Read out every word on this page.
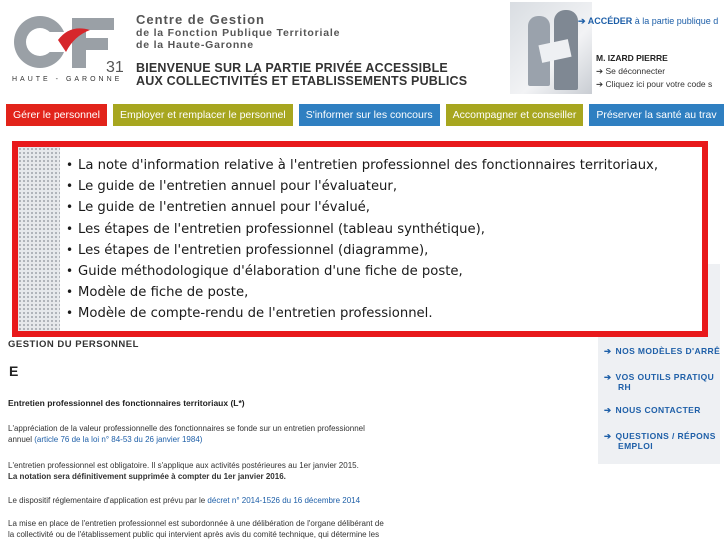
31
HAUTE - GARONNE
Centre de Gestion
de la Fonction Publique Territoriale
de la Haute-Garonne
BIENVENUE SUR LA PARTIE PRIVÉE ACCESSIBLE
AUX COLLECTIVITÉS ET ETABLISSEMENTS PUBLICS
➔ ACCÉDER à la partie publique d
M. IZARD PIERRE
➔ Se déconnecter
➔ Cliquez ici pour votre code s
Gérer le personnel	Employer et remplacer le personnel	S'informer sur les concours	Accompagner et conseiller	Préserver la santé au trav
GESTION DU PERSONNEL
E
Entretien professionnel des fonctionnaires territoriaux (L*)
L'appréciation de la valeur professionnelle des fonctionnaires se fonde sur un entretien professionnel
annuel (article 76 de la loi n° 84-53 du 26 janvier 1984)
L'entretien professionnel est obligatoire. Il s'applique aux activités postérieures au 1er janvier 2015.
La notation sera définitivement supprimée à compter du 1er janvier 2016.
Le dispositif réglementaire d'application est prévu par le décret n° 2014-1526 du 16 décembre 2014
La mise en place de l'entretien professionnel est subordonnée à une délibération de l'organe délibérant de
la collectivité ou de l'établissement public qui intervient après avis du comité technique, qui détermine les
➔ NOS MODÈLES D'ARRÊ
➔ VOS OUTILS PRATIQU
RH
➔ NOUS CONTACTER
➔ QUESTIONS / RÉPONS
EMPLOI
• La note d'information relative à l'entretien professionnel des fonctionnaires territoriaux,
• Le guide de l'entretien annuel pour l'évaluateur,
• Le guide de l'entretien annuel pour l'évalué,
• Les étapes de l'entretien professionnel (tableau synthétique),
• Les étapes de l'entretien professionnel (diagramme),
• Guide méthodologique d'élaboration d'une fiche de poste,
• Modèle de fiche de poste,
• Modèle de compte-rendu de l'entretien professionnel.
